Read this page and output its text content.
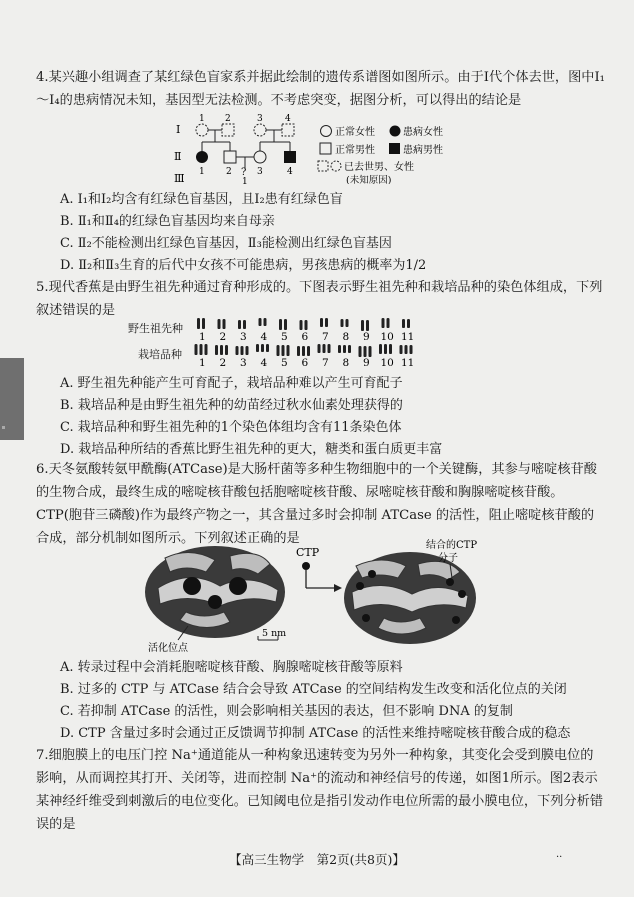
4.某兴趣小组调查了某红绿色盲家系并据此绘制的遗传系谱图如图所示。由于Ⅰ代个体去世，图中Ⅰ₁～Ⅰ₄的患病情况未知，基因型无法检测。不考虑突变，据图分析，可以得出的结论是

Ⅰ
Ⅱ
Ⅲ
1 2	3 4
1 2	3	4
?
1
正常女性	患病女性
正常男性	患病男性
已去世男、女性
(未知原因)
A. Ⅰ₁和Ⅰ₂均含有红绿色盲基因，且Ⅰ₂患有红绿色盲
B. Ⅱ₁和Ⅱ₄的红绿色盲基因均来自母亲
C. Ⅱ₂不能检测出红绿色盲基因，Ⅱ₃能检测出红绿色盲基因
D. Ⅱ₂和Ⅱ₃生育的后代中女孩不可能患病，男孩患病的概率为1/2

5.现代香蕉是由野生祖先种通过育种形成的。下图表示野生祖先种和栽培品种的染色体组成，下列叙述错误的是

野生祖先种
栽培品种
1 2 3 4 5 6 7 8 9 10 11
1 2 3 4 5 6 7 8 9 10 11
A. 野生祖先种能产生可育配子，栽培品种难以产生可育配子
B. 栽培品种是由野生祖先种的幼苗经过秋水仙素处理获得的
C. 栽培品种和野生祖先种的1个染色体组均含有11条染色体
D. 栽培品种所结的香蕉比野生祖先种的更大，糖类和蛋白质更丰富

6.天冬氨酸转氨甲酰酶(ATCase)是大肠杆菌等多种生物细胞中的一个关键酶，其参与嘧啶核苷酸的生物合成，最终生成的嘧啶核苷酸包括胞嘧啶核苷酸、尿嘧啶核苷酸和胸腺嘧啶核苷酸。CTP(胞苷三磷酸)作为最终产物之一，其含量过多时会抑制 ATCase 的活性，阻止嘧啶核苷酸的合成，部分机制如图所示。下列叙述正确的是

活化位点
5 nm
CTP
结合的CTP
分子
A. 转录过程中会消耗胞嘧啶核苷酸、胸腺嘧啶核苷酸等原料
B. 过多的 CTP 与 ATCase 结合会导致 ATCase 的空间结构发生改变和活化位点的关闭
C. 若抑制 ATCase 的活性，则会影响相关基因的表达，但不影响 DNA 的复制
D. CTP 含量过多时会通过正反馈调节抑制 ATCase 的活性来维持嘧啶核苷酸合成的稳态

7.细胞膜上的电压门控 Na⁺通道能从一种构象迅速转变为另外一种构象，其变化会受到膜电位的影响，从而调控其打开、关闭等，进而控制 Na⁺的流动和神经信号的传递，如图1所示。图2表示某神经纤维受到刺激后的电位变化。已知阈电位是指引发动作电位所需的最小膜电位，下列分析错误的是

【高三生物学　第2页(共8页)】	··
